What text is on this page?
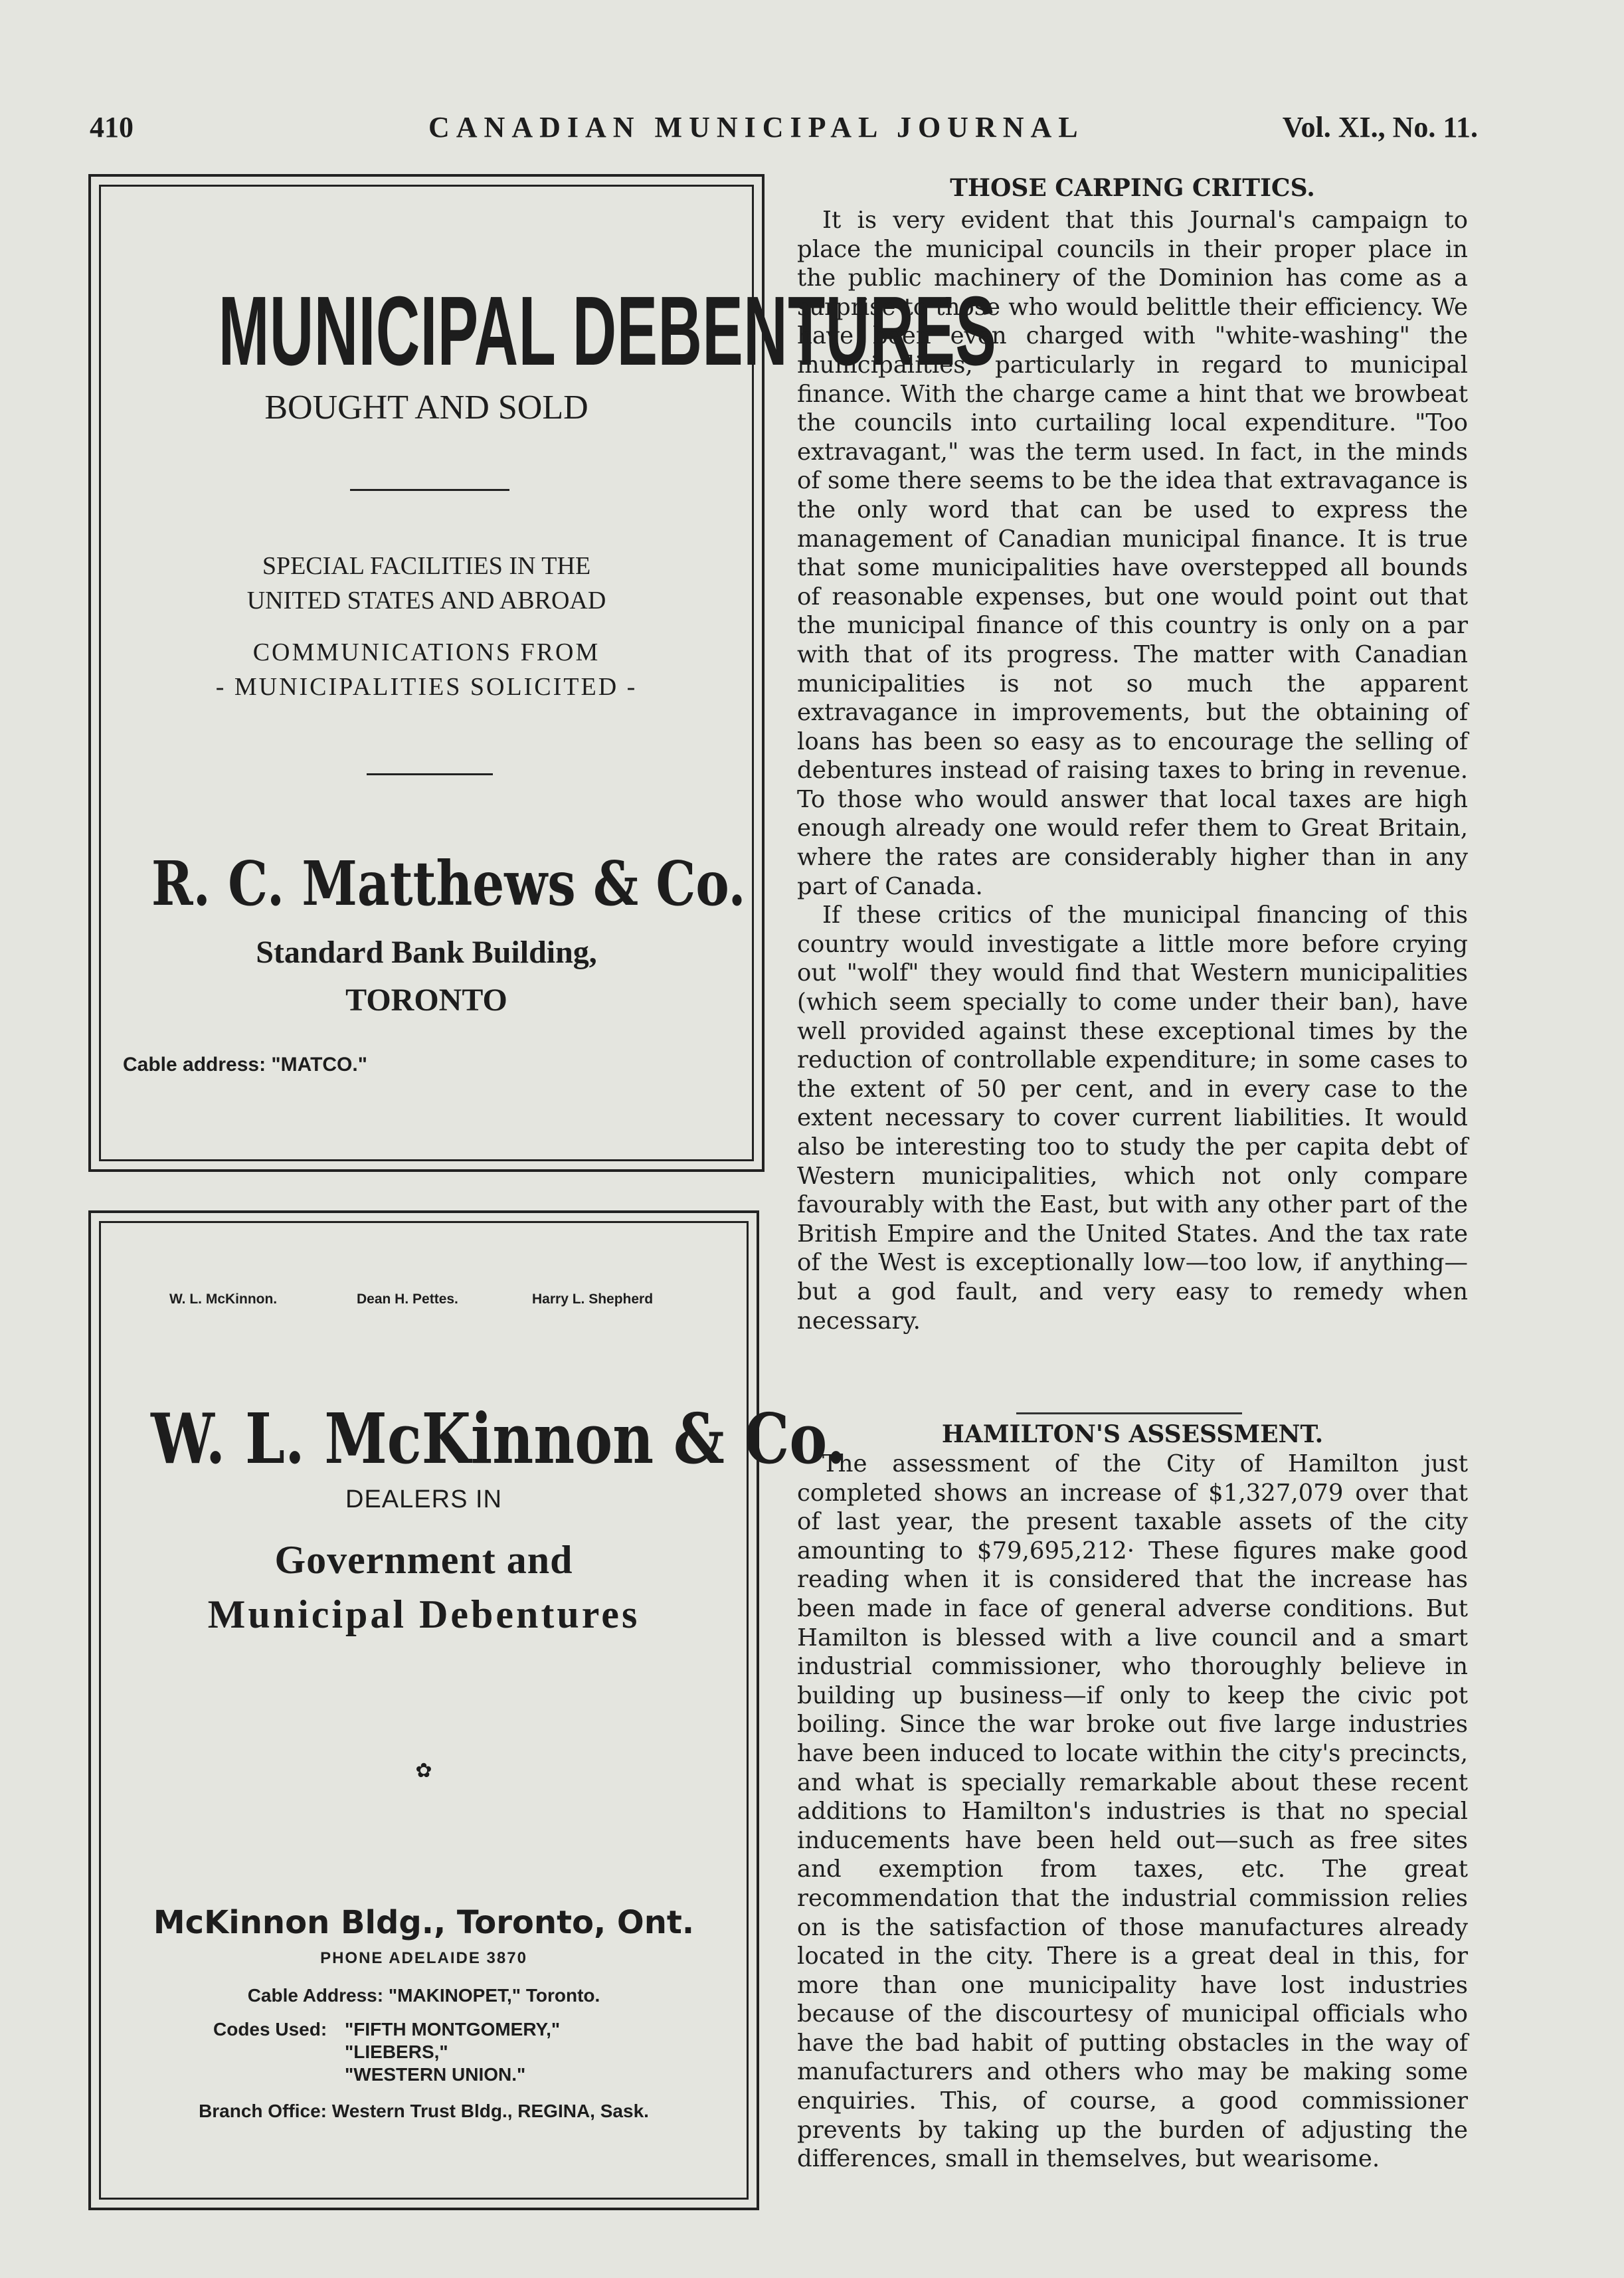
410	CANADIAN MUNICIPAL JOURNAL	Vol. XI., No. 11.
MUNICIPAL DEBENTURES
BOUGHT AND SOLD
SPECIAL FACILITIES IN THE
UNITED STATES AND ABROAD
COMMUNICATIONS FROM
- MUNICIPALITIES SOLICITED -
R. C. Matthews & Co.
Standard Bank Building,
TORONTO
Cable address: "MATCO."
W. L. McKinnon.	Dean H. Pettes.	Harry L. Shepherd
W. L. McKinnon & Co.
DEALERS IN
Government and
Municipal Debentures
✿
McKinnon Bldg., Toronto, Ont.
PHONE ADELAIDE 3870
Cable Address: "MAKINOPET," Toronto.
Codes Used: "FIFTH MONTGOMERY,"
"LIEBERS,"
"WESTERN UNION."
Branch Office: Western Trust Bldg., REGINA, Sask.
THOSE CARPING CRITICS.

It is very evident that this Journal's campaign to place the municipal councils in their proper place in the public machinery of the Dominion has come as a surprise to those who would belittle their efficiency. We have been even charged with "white-washing" the municipalities, particularly in regard to municipal finance. With the charge came a hint that we browbeat the councils into curtailing local expenditure. "Too extravagant," was the term used. In fact, in the minds of some there seems to be the idea that extravagance is the only word that can be used to express the management of Canadian municipal finance. It is true that some municipalities have overstepped all bounds of reasonable expenses, but one would point out that the municipal finance of this country is only on a par with that of its progress. The matter with Canadian municipalities is not so much the apparent extravagance in improvements, but the obtaining of loans has been so easy as to encourage the selling of debentures instead of raising taxes to bring in revenue. To those who would answer that local taxes are high enough already one would refer them to Great Britain, where the rates are considerably higher than in any part of Canada.

If these critics of the municipal financing of this country would investigate a little more before crying out "wolf" they would find that Western municipalities (which seem specially to come under their ban), have well provided against these exceptional times by the reduction of controllable expenditure; in some cases to the extent of 50 per cent, and in every case to the extent necessary to cover current liabilities. It would also be interesting too to study the per capita debt of Western municipalities, which not only compare favourably with the East, but with any other part of the British Empire and the United States. And the tax rate of the West is exceptionally low—too low, if anything—but a god fault, and very easy to remedy when necessary.

HAMILTON'S ASSESSMENT.

The assessment of the City of Hamilton just completed shows an increase of $1,327,079 over that of last year, the present taxable assets of the city amounting to $79,695,212· These figures make good reading when it is considered that the increase has been made in face of general adverse conditions. But Hamilton is blessed with a live council and a smart industrial commissioner, who thoroughly believe in building up business—if only to keep the civic pot boiling. Since the war broke out five large industries have been induced to locate within the city's precincts, and what is specially remarkable about these recent additions to Hamilton's industries is that no special inducements have been held out—such as free sites and exemption from taxes, etc. The great recommendation that the industrial commission relies on is the satisfaction of those manufactures already located in the city. There is a great deal in this, for more than one municipality have lost industries because of the discourtesy of municipal officials who have the bad habit of putting obstacles in the way of manufacturers and others who may be making some enquiries. This, of course, a good commissioner prevents by taking up the burden of adjusting the differences, small in themselves, but wearisome.
